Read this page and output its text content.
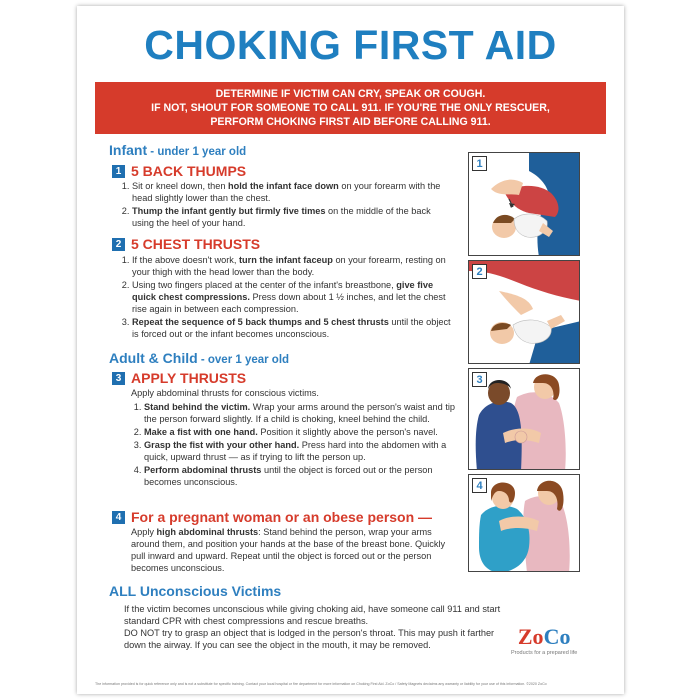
CHOKING FIRST AID
DETERMINE IF VICTIM CAN CRY, SPEAK OR COUGH.
IF NOT, SHOUT FOR SOMEONE TO CALL 911. IF YOU'RE THE ONLY RESCUER,
PERFORM CHOKING FIRST AID BEFORE CALLING 911.
Infant - under 1 year old
1 5 BACK THUMPS
1. Sit or kneel down, then hold the infant face down on your forearm with the head slightly lower than the chest.
2. Thump the infant gently but firmly five times on the middle of the back using the heel of your hand.
2 5 CHEST THRUSTS
1. If the above doesn't work, turn the infant faceup on your forearm, resting on your thigh with the head lower than the body.
2. Using two fingers placed at the center of the infant's breastbone, give five quick chest compressions. Press down about 1 ½ inches, and let the chest rise again in between each compression.
3. Repeat the sequence of 5 back thumps and 5 chest thrusts until the object is forced out or the infant becomes unconscious.
Adult & Child - over 1 year old
3 APPLY THRUSTS

Apply abdominal thrusts for conscious victims.

1. Stand behind the victim. Wrap your arms around the person's waist and tip the person forward slightly. If a child is choking, kneel behind the child.
2. Make a fist with one hand. Position it slightly above the person's navel.
3. Grasp the fist with your other hand. Press hard into the abdomen with a quick, upward thrust — as if trying to lift the person up.
4. Perform abdominal thrusts until the object is forced out or the person becomes unconscious.
4 For a pregnant woman or an obese person —

Apply high abdominal thrusts: Stand behind the person, wrap your arms around them, and position your hands at the base of the breast bone. Quickly pull inward and upward. Repeat until the object is forced out or the person becomes unconscious.

ALL Unconscious Victims

If the victim becomes unconscious while giving choking aid, have someone call 911 and start standard CPR with chest compressions and rescue breaths.

DO NOT try to grasp an object that is lodged in the person's throat. This may push it farther down the airway. If you can see the object in the mouth, it may be removed.

1
2
3
4
ZoCo
Products for a prepared life
The information provided is for quick reference only and is not a substitute for specific training. Contact your local hospital or fire department for more information on Choking First Aid. ZoCo / Safety Magnets declaims any warranty or liability for your use of this information. ©2020 ZoCo
